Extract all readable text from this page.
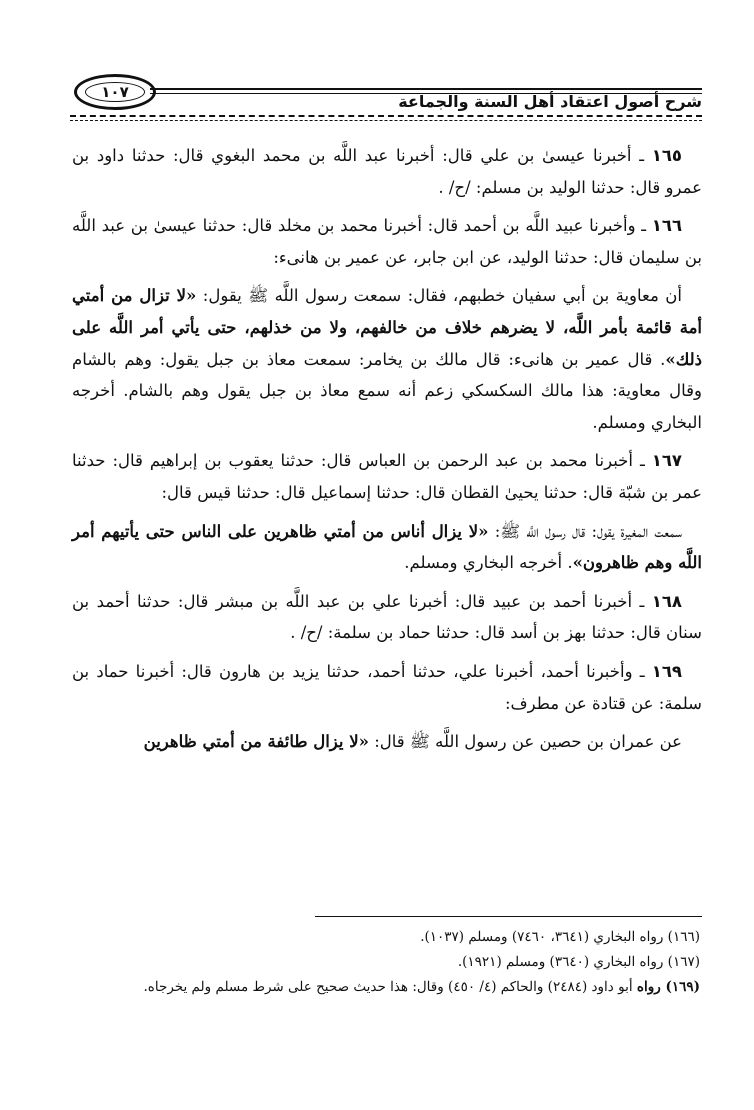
١٠٧	شرح أصول اعتقاد أهل السنة والجماعة

١٦٥ ـ أخبرنا عيسىٰ بن علي قال: أخبرنا عبد اللَّه بن محمد البغوي قال: حدثنا داود بن عمرو قال: حدثنا الوليد بن مسلم: /ح/ .

١٦٦ ـ وأخبرنا عبيد اللَّه بن أحمد قال: أخبرنا محمد بن مخلد قال: حدثنا عيسىٰ بن عبد اللَّه بن سليمان قال: حدثنا الوليد، عن ابن جابر، عن عمير بن هانىء:

أن معاوية بن أبي سفيان خطبهم، فقال: سمعت رسول اللَّه ﷺ يقول: «لا تزال من أمتي أمة قائمة بأمر اللَّه، لا يضرهم خلاف من خالفهم، ولا من خذلهم، حتى يأتي أمر اللَّه على ذلك». قال عمير بن هانىء: قال مالك بن يخامر: سمعت معاذ بن جبل يقول: وهم بالشام وقال معاوية: هذا مالك السكسكي زعم أنه سمع معاذ بن جبل يقول وهم بالشام. أخرجه البخاري ومسلم.

١٦٧ ـ أخبرنا محمد بن عبد الرحمن بن العباس قال: حدثنا يعقوب بن إبراهيم قال: حدثنا عمر بن شبّة قال: حدثنا يحيىٰ القطان قال: حدثنا إسماعيل قال: حدثنا قيس قال:

سمعت المغيرة يقول: قال رسول اللَّه ﷺ: «لا يزال أناس من أمتي ظاهرين على الناس حتى يأتيهم أمر اللَّه وهم ظاهرون». أخرجه البخاري ومسلم.

١٦٨ ـ أخبرنا أحمد بن عبيد قال: أخبرنا علي بن عبد اللَّه بن مبشر قال: حدثنا أحمد بن سنان قال: حدثنا بهز بن أسد قال: حدثنا حماد بن سلمة: /ح/ .

١٦٩ ـ وأخبرنا أحمد، أخبرنا علي، حدثنا أحمد، حدثنا يزيد بن هارون قال: أخبرنا حماد بن سلمة: عن قتادة عن مطرف:

عن عمران بن حصين عن رسول اللَّه ﷺ قال: «لا يزال طائفة من أمتي ظاهرين

(١٦٦) رواه البخاري (٣٦٤١، ٧٤٦٠) ومسلم (١٠٣٧).

(١٦٧) رواه البخاري (٣٦٤٠) ومسلم (١٩٢١).

(١٦٩) رواه أبو داود (٢٤٨٤) والحاكم (٤/ ٤٥٠) وقال: هذا حديث صحيح على شرط مسلم ولم يخرجاه.
